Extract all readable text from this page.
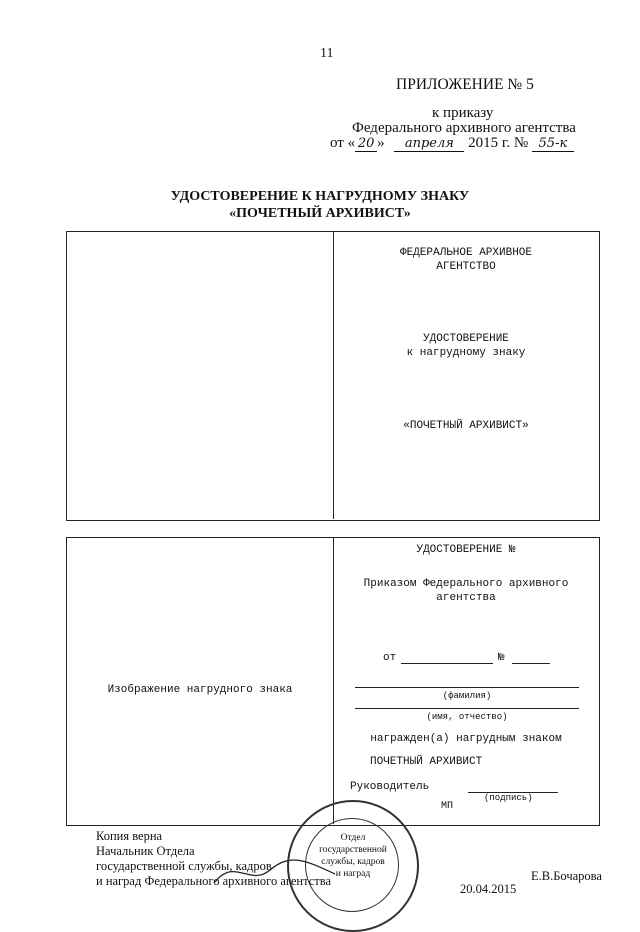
11
ПРИЛОЖЕНИЕ № 5
к приказу
Федерального архивного агентства
от « 20 » апреля 2015 г. № 55-к
УДОСТОВЕРЕНИЕ К НАГРУДНОМУ ЗНАКУ
«ПОЧЕТНЫЙ АРХИВИСТ»
ФЕДЕРАЛЬНОЕ АРХИВНОЕ
АГЕНТСТВО
УДОСТОВЕРЕНИЕ
к нагрудному знаку
«ПОЧЕТНЫЙ АРХИВИСТ»
Изображение нагрудного знака
УДОСТОВЕРЕНИЕ №
Приказом Федерального архивного
агентства
от	№
(фамилия)
(имя, отчество)
награжден(а) нагрудным знаком
ПОЧЕТНЫЙ АРХИВИСТ
Руководитель
(подпись)
МП
Копия верна
Начальник Отдела
государственной службы, кадров
и наград Федерального архивного агентства	Е.В.Бочарова
20.04.2015
Отдел
государственной
службы, кадров
и наград
